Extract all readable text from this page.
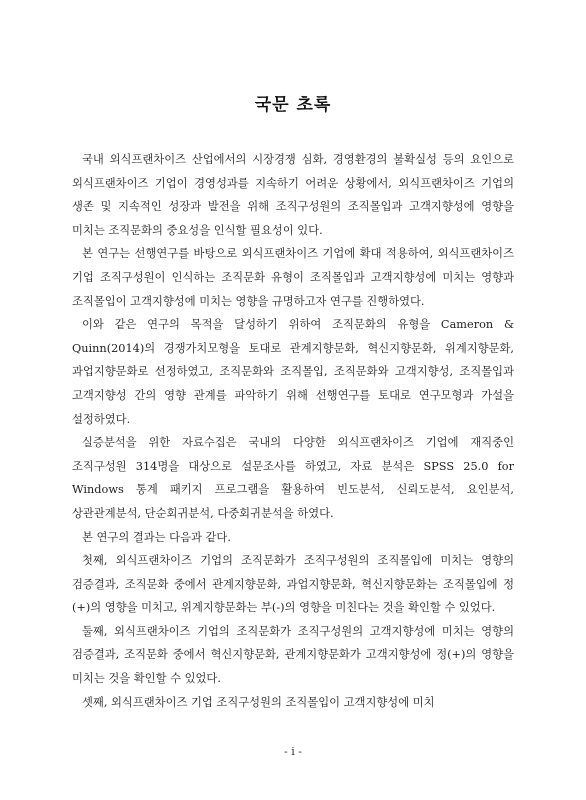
국문 초록

국내 외식프랜차이즈 산업에서의 시장경쟁 심화, 경영환경의 불확실성 등의 요인으로 외식프랜차이즈 기업이 경영성과를 지속하기 어려운 상황에서, 외식프랜차이즈 기업의 생존 및 지속적인 성장과 발전을 위해 조직구성원의 조직몰입과 고객지향성에 영향을 미치는 조직문화의 중요성을 인식할 필요성이 있다.

본 연구는 선행연구를 바탕으로 외식프랜차이즈 기업에 확대 적용하여, 외식프랜차이즈 기업 조직구성원이 인식하는 조직문화 유형이 조직몰입과 고객지향성에 미치는 영향과 조직몰입이 고객지향성에 미치는 영향을 규명하고자 연구를 진행하였다.

이와 같은 연구의 목적을 달성하기 위하여 조직문화의 유형을 Cameron & Quinn(2014)의 경쟁가치모형을 토대로 관계지향문화, 혁신지향문화, 위계지향문화, 과업지향문화로 선정하였고, 조직문화와 조직몰입, 조직문화와 고객지향성, 조직몰입과 고객지향성 간의 영향 관계를 파악하기 위해 선행연구를 토대로 연구모형과 가설을 설정하였다.

실증분석을 위한 자료수집은 국내의 다양한 외식프랜차이즈 기업에 재직중인 조직구성원 314명을 대상으로 설문조사를 하였고, 자료 분석은 SPSS 25.0 for Windows 통계 패키지 프로그램을 활용하여 빈도분석, 신뢰도분석, 요인분석, 상관관계분석, 단순회귀분석, 다중회귀분석을 하였다.

본 연구의 결과는 다음과 같다.

첫째, 외식프랜차이즈 기업의 조직문화가 조직구성원의 조직몰입에 미치는 영향의 검증결과, 조직문화 중에서 관계지향문화, 과업지향문화, 혁신지향문화는 조직몰입에 정(+)의 영향을 미치고, 위계지향문화는 부(-)의 영향을 미친다는 것을 확인할 수 있었다.

둘째, 외식프랜차이즈 기업의 조직문화가 조직구성원의 고객지향성에 미치는 영향의 검증결과, 조직문화 중에서 혁신지향문화, 관계지향문화가 고객지향성에 정(+)의 영향을 미치는 것을 확인할 수 있었다.

셋째, 외식프랜차이즈 기업 조직구성원의 조직몰입이 고객지향성에 미치

- i -
